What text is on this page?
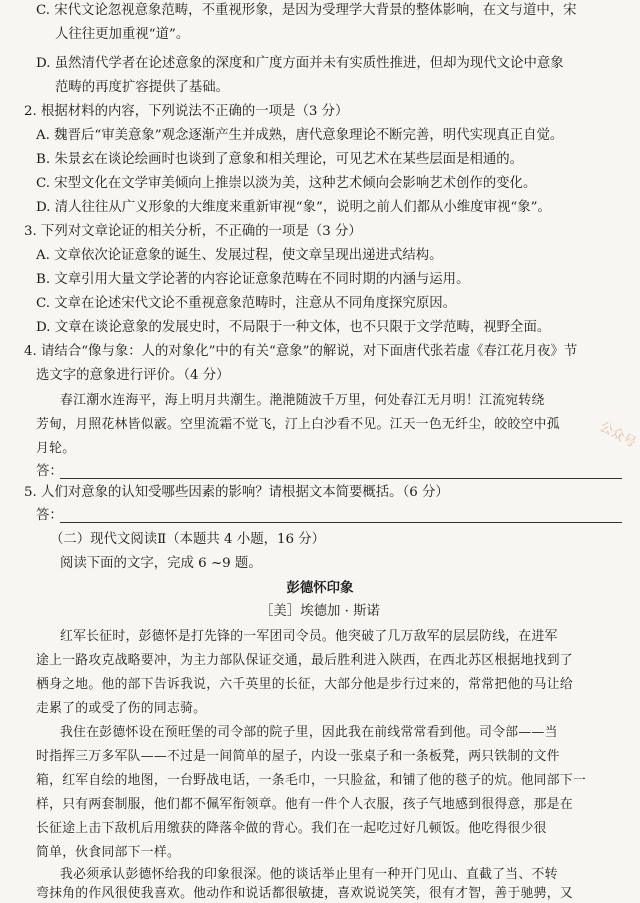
C. 宋代文论忽视意象范畴，不重视形象，是因为受理学大背景的整体影响，在文与道中，宋
人往往更加重视“道”。
D. 虽然清代学者在论述意象的深度和广度方面并未有实质性推进，但却为现代文论中意象
范畴的再度扩容提供了基础。
2. 根据材料的内容，下列说法不正确的一项是（3 分）
A. 魏晋后“审美意象”观念逐渐产生并成熟，唐代意象理论不断完善，明代实现真正自觉。
B. 朱景玄在谈论绘画时也谈到了意象和相关理论，可见艺术在某些层面是相通的。
C. 宋型文化在文学审美倾向上推崇以淡为美，这种艺术倾向会影响艺术创作的变化。
D. 清人往往从广义形象的大维度来重新审视“象”，说明之前人们都从小维度审视“象”。
3. 下列对文章论证的相关分析，不正确的一项是（3 分）
A. 文章依次论证意象的诞生、发展过程，使文章呈现出递进式结构。
B. 文章引用大量文学论著的内容论证意象范畴在不同时期的内涵与运用。
C. 文章在论述宋代文论不重视意象范畴时，注意从不同角度探究原因。
D. 文章在谈论意象的发展史时，不局限于一种文体，也不只限于文学范畴，视野全面。
4. 请结合“像与象：人的对象化”中的有关“意象”的解说，对下面唐代张若虚《春江花月夜》节
选文字的意象进行评价。（4 分）
春江潮水连海平，海上明月共潮生。滟滟随波千万里，何处春江无月明！江流宛转绕
芳甸，月照花林皆似霰。空里流霜不觉飞，汀上白沙看不见。江天一色无纤尘，皎皎空中孤
月轮。
答：
5. 人们对意象的认知受哪些因素的影响？请根据文本简要概括。（6 分）
答：
（二）现代文阅读Ⅱ（本题共 4 小题，16 分）
阅读下面的文字，完成 6 ~9 题。
彭德怀印象
［美］埃德加 · 斯诺
红军长征时，彭德怀是打先锋的一军团司令员。他突破了几万敌军的层层防线，在进军
途上一路攻克战略要冲，为主力部队保证交通，最后胜利进入陕西，在西北苏区根据地找到了
栖身之地。他的部下告诉我说，六千英里的长征，大部分他是步行过来的，常常把他的马让给
走累了的或受了伤的同志骑。
我住在彭德怀设在预旺堡的司令部的院子里，因此我在前线常常看到他。司令部——当
时指挥三万多军队——不过是一间简单的屋子，内设一张桌子和一条板凳，两只铁制的文件
箱，红军自绘的地图，一台野战电话，一条毛巾，一只脸盆，和铺了他的毯子的炕。他同部下一
样，只有两套制服，他们都不佩军衔领章。他有一件个人衣服，孩子气地感到很得意，那是在
长征途上击下敌机后用缴获的降落伞做的背心。我们在一起吃过好几顿饭。他吃得很少很
简单，伙食同部下一样。
我必须承认彭德怀给我的印象很深。他的谈话举止里有一种开门见山、直截了当、不转
弯抹角的作风很使我喜欢。他动作和说话都很敏捷，喜欢说说笑笑，很有才智，善于驰骋，又
公众号
